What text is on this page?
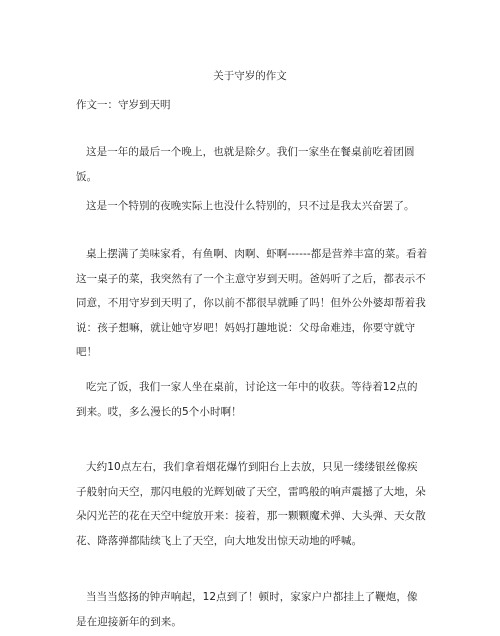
关于守岁的作文
作文一：守岁到天明
这是一年的最后一个晚上，也就是除夕。我们一家坐在餐桌前吃着团圆饭。
这是一个特别的夜晚实际上也没什么特别的，只不过是我太兴奋罢了。
桌上摆满了美味家肴，有鱼啊、肉啊、虾啊------都是营养丰富的菜。看着这一桌子的菜，我突然有了一个主意守岁到天明。爸妈听了之后，都表示不同意，不用守岁到天明了，你以前不都很早就睡了吗！但外公外婆却帮着我说：孩子想嘛，就让她守岁吧！妈妈打趣地说：父母命难违，你要守就守吧！
吃完了饭，我们一家人坐在桌前，讨论这一年中的收获。等待着12点的到来。哎，多么漫长的5个小时啊！
大约10点左右，我们拿着烟花爆竹到阳台上去放，只见一缕缕银丝像疾子般射向天空，那闪电般的光辉划破了天空，雷鸣般的响声震撼了大地，朵朵闪光芒的花在天空中绽放开来：接着，那一颗颗魔术弹、大头弹、天女散花、降落弹都陆续飞上了天空，向大地发出惊天动地的呼喊。
当当当悠扬的钟声响起，12点到了！顿时，家家户户都挂上了鞭炮，像是在迎接新年的到来。
